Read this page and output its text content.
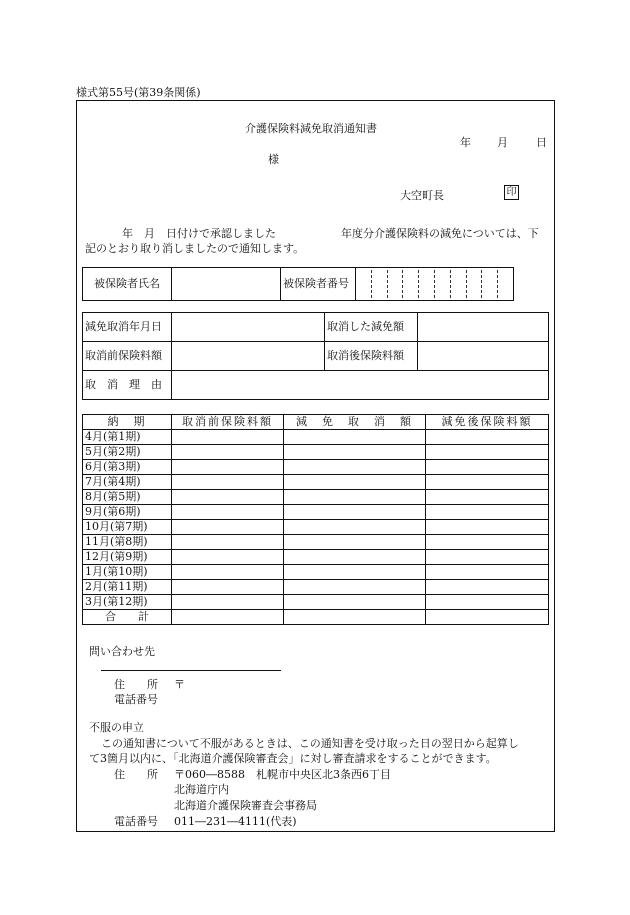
様式第55号(第39条関係)
介護保険料減免取消通知書
年 月	日
様
大空町長	印
年　月　日付けで承認しました	年度分介護保険料の減免については、下
記のとおり取り消しましたので通知します。
被保険者氏名		被保険者番号	
減免取消年月日		取消した減免額	
取消前保険料額		取消後保険料額	
取　消　理　由			
納　期	取消前保険料額	減　免　取　消　額	減免後保険料額
4月(第1期)			
5月(第2期)			
6月(第3期)			
7月(第4期)			
8月(第5期)			
9月(第6期)			
10月(第7期)			
11月(第8期)			
12月(第9期)			
1月(第10期)			
2月(第11期)			
3月(第12期)			
合　　計			
問い合わせ先
住　　所 〒
電話番号
不服の申立
この通知書について不服があるときは、この通知書を受け取った日の翌日から起算し
て3箇月以内に、「北海道介護保険審査会」に対し審査請求をすることができます。
住　　所 〒060―8588　札幌市中央区北3条西6丁目
北海道庁内
北海道介護保険審査会事務局
電話番号 011―231―4111(代表)
